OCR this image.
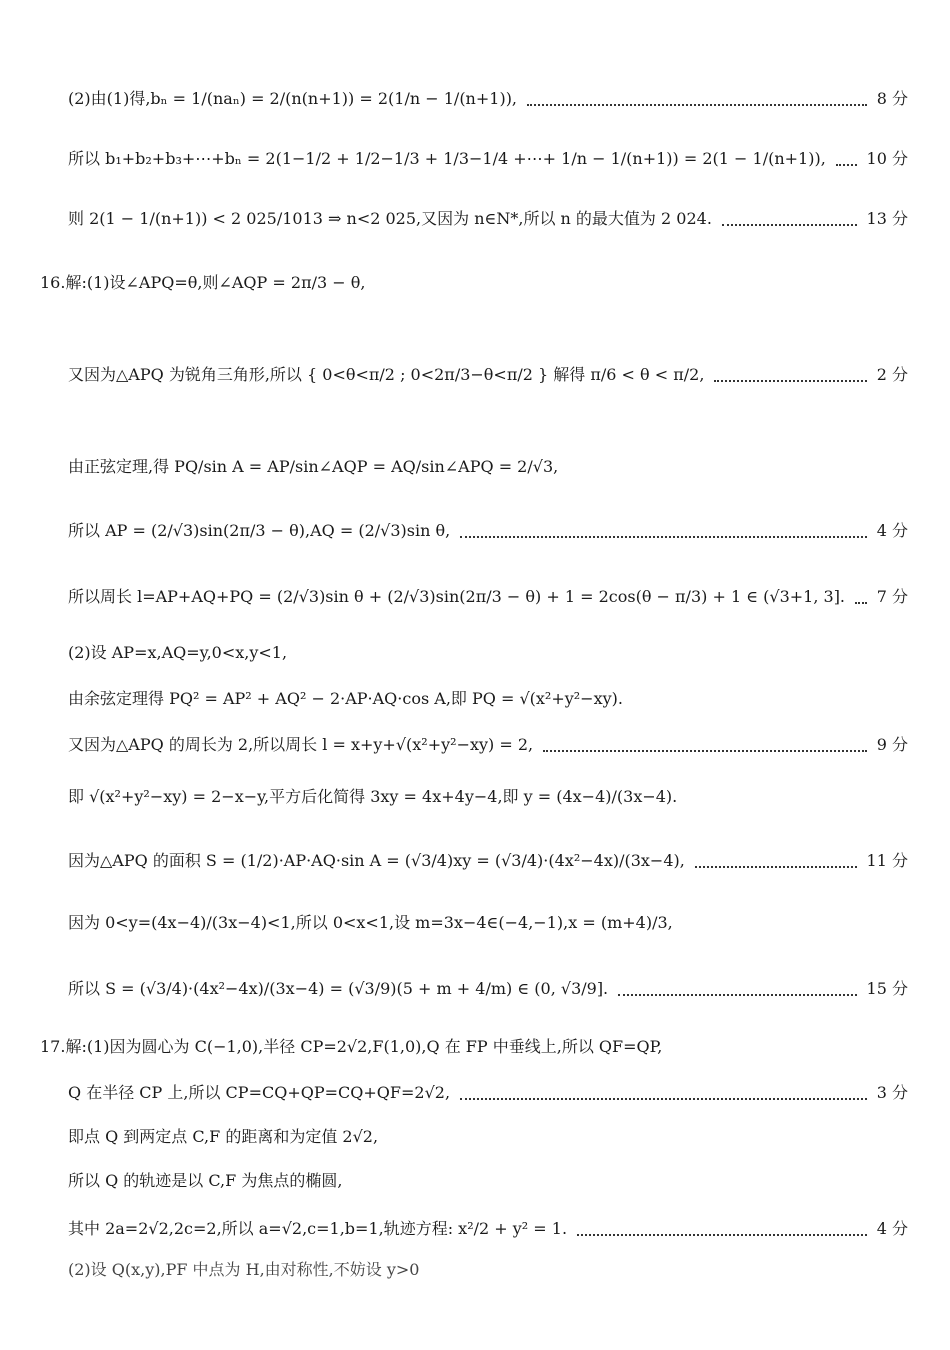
(2)由(1)得,bₙ = 1/(naₙ) = 2/(n(n+1)) = 2(1/n − 1/(n+1)),	8 分
所以 b₁+b₂+b₃+⋯+bₙ = 2(1−1/2 + 1/2−1/3 + 1/3−1/4 +⋯+ 1/n − 1/(n+1)) = 2(1 − 1/(n+1)),	10 分
则 2(1 − 1/(n+1)) < 2 025/1013 ⇒ n<2 025,又因为 n∈N*,所以 n 的最大值为 2 024.	13 分
16.解:(1)设∠APQ=θ,则∠AQP = 2π/3 − θ,
又因为△APQ 为锐角三角形,所以 { 0<θ<π/2 ; 0<2π/3−θ<π/2 } 解得 π/6 < θ < π/2,	2 分
由正弦定理,得 PQ/sin A = AP/sin∠AQP = AQ/sin∠APQ = 2/√3,
所以 AP = (2/√3)sin(2π/3 − θ),AQ = (2/√3)sin θ,	4 分
所以周长 l=AP+AQ+PQ = (2/√3)sin θ + (2/√3)sin(2π/3 − θ) + 1 = 2cos(θ − π/3) + 1 ∈ (√3+1, 3].	7 分
(2)设 AP=x,AQ=y,0<x,y<1,
由余弦定理得 PQ² = AP² + AQ² − 2·AP·AQ·cos A,即 PQ = √(x²+y²−xy).
又因为△APQ 的周长为 2,所以周长 l = x+y+√(x²+y²−xy) = 2,	9 分
即 √(x²+y²−xy) = 2−x−y,平方后化简得 3xy = 4x+4y−4,即 y = (4x−4)/(3x−4).
因为△APQ 的面积 S = (1/2)·AP·AQ·sin A = (√3/4)xy = (√3/4)·(4x²−4x)/(3x−4),	11 分
因为 0<y=(4x−4)/(3x−4)<1,所以 0<x<1,设 m=3x−4∈(−4,−1),x = (m+4)/3,
所以 S = (√3/4)·(4x²−4x)/(3x−4) = (√3/9)(5 + m + 4/m) ∈ (0, √3/9].	15 分
17.解:(1)因为圆心为 C(−1,0),半径 CP=2√2,F(1,0),Q 在 FP 中垂线上,所以 QF=QP,
Q 在半径 CP 上,所以 CP=CQ+QP=CQ+QF=2√2,	3 分
即点 Q 到两定点 C,F 的距离和为定值 2√2,
所以 Q 的轨迹是以 C,F 为焦点的椭圆,
其中 2a=2√2,2c=2,所以 a=√2,c=1,b=1,轨迹方程: x²/2 + y² = 1.	4 分
(2)设 Q(x,y),PF 中点为 H,由对称性,不妨设 y>0
